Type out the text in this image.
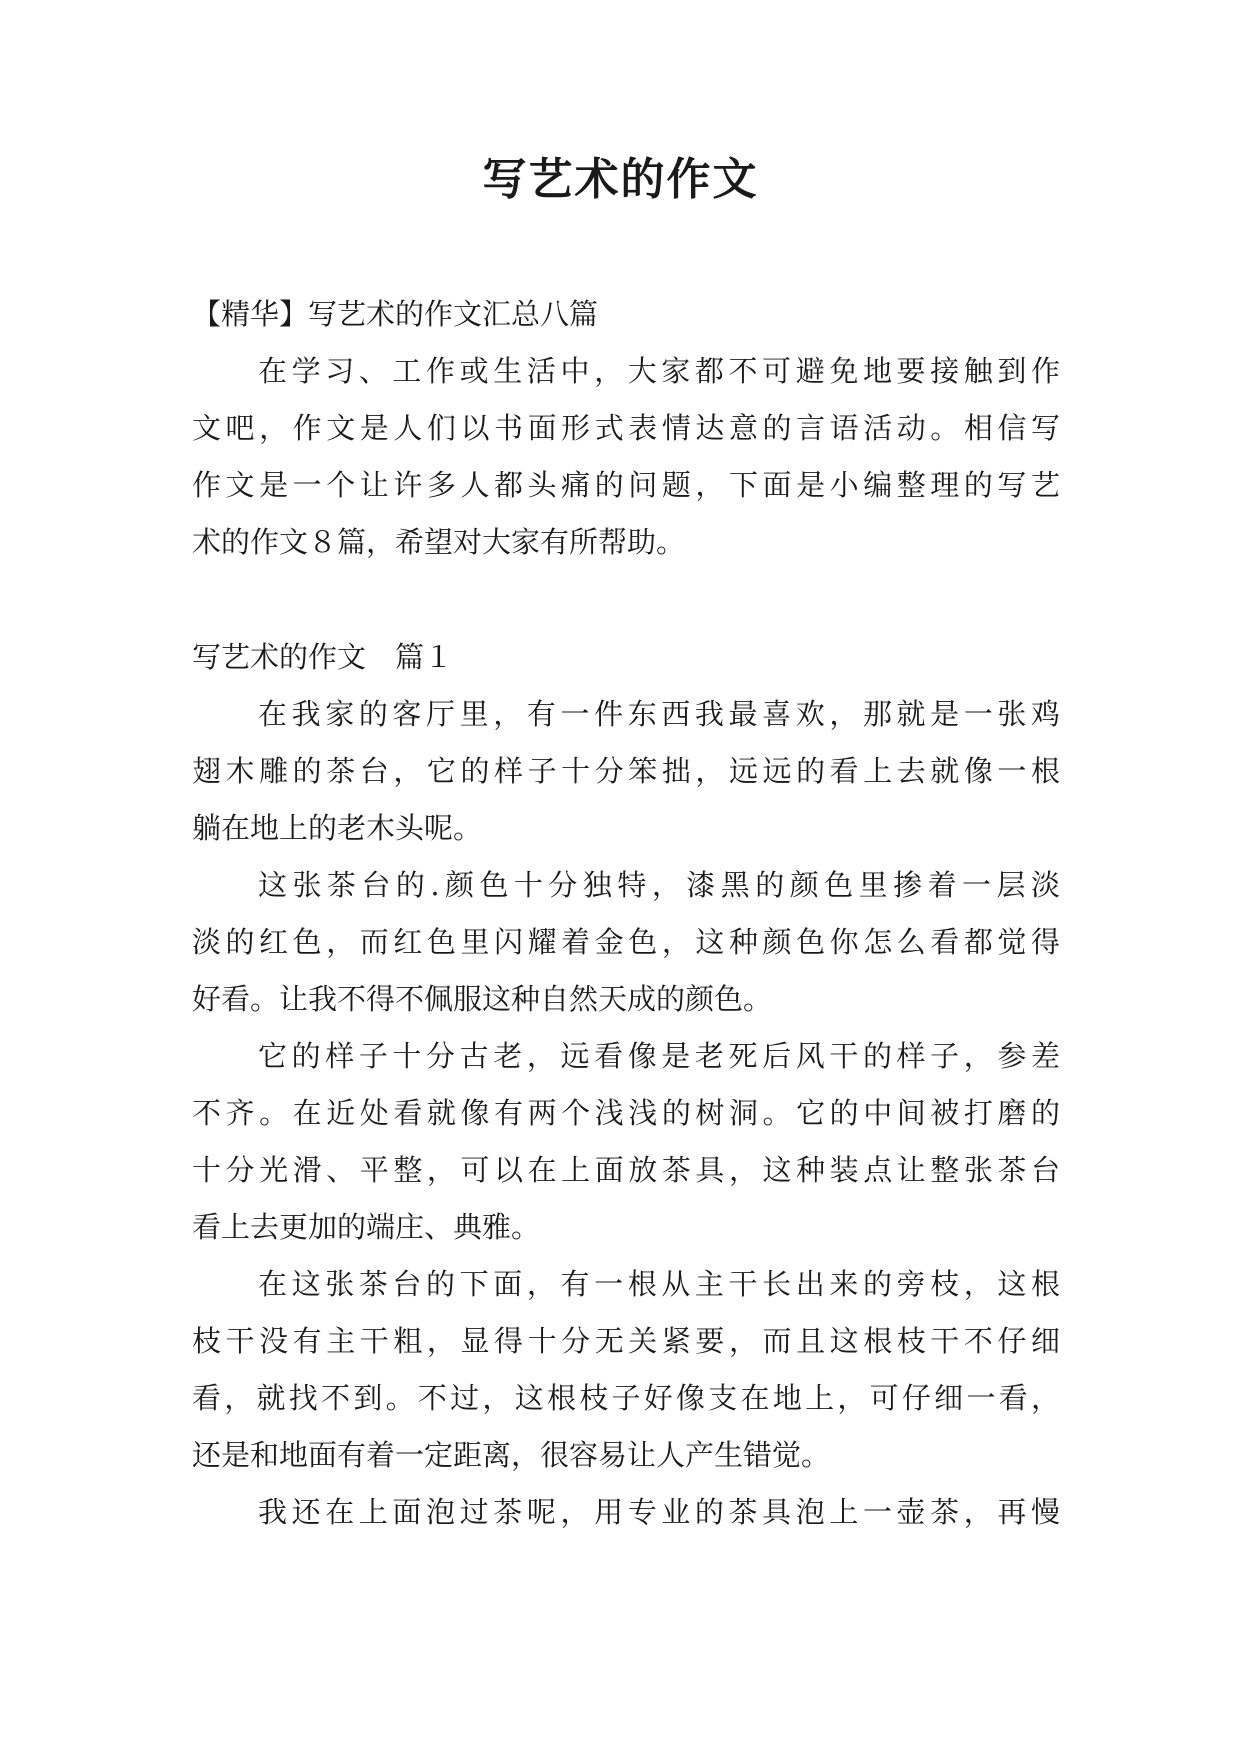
写艺术的作文

【精华】写艺术的作文汇总八篇

在学习、工作或生活中，大家都不可避免地要接触到作

文吧，作文是人们以书面形式表情达意的言语活动。相信写

作文是一个让许多人都头痛的问题，下面是小编整理的写艺

术的作文８篇，希望对大家有所帮助。

写艺术的作文　篇１

在我家的客厅里，有一件东西我最喜欢，那就是一张鸡

翅木雕的茶台，它的样子十分笨拙，远远的看上去就像一根

躺在地上的老木头呢。

这张茶台的.颜色十分独特，漆黑的颜色里掺着一层淡

淡的红色，而红色里闪耀着金色，这种颜色你怎么看都觉得

好看。让我不得不佩服这种自然天成的颜色。

它的样子十分古老，远看像是老死后风干的样子，参差

不齐。在近处看就像有两个浅浅的树洞。它的中间被打磨的

十分光滑、平整，可以在上面放茶具，这种装点让整张茶台

看上去更加的端庄、典雅。

在这张茶台的下面，有一根从主干长出来的旁枝，这根

枝干没有主干粗，显得十分无关紧要，而且这根枝干不仔细

看，就找不到。不过，这根枝子好像支在地上，可仔细一看，

还是和地面有着一定距离，很容易让人产生错觉。

我还在上面泡过茶呢，用专业的茶具泡上一壶茶，再慢
